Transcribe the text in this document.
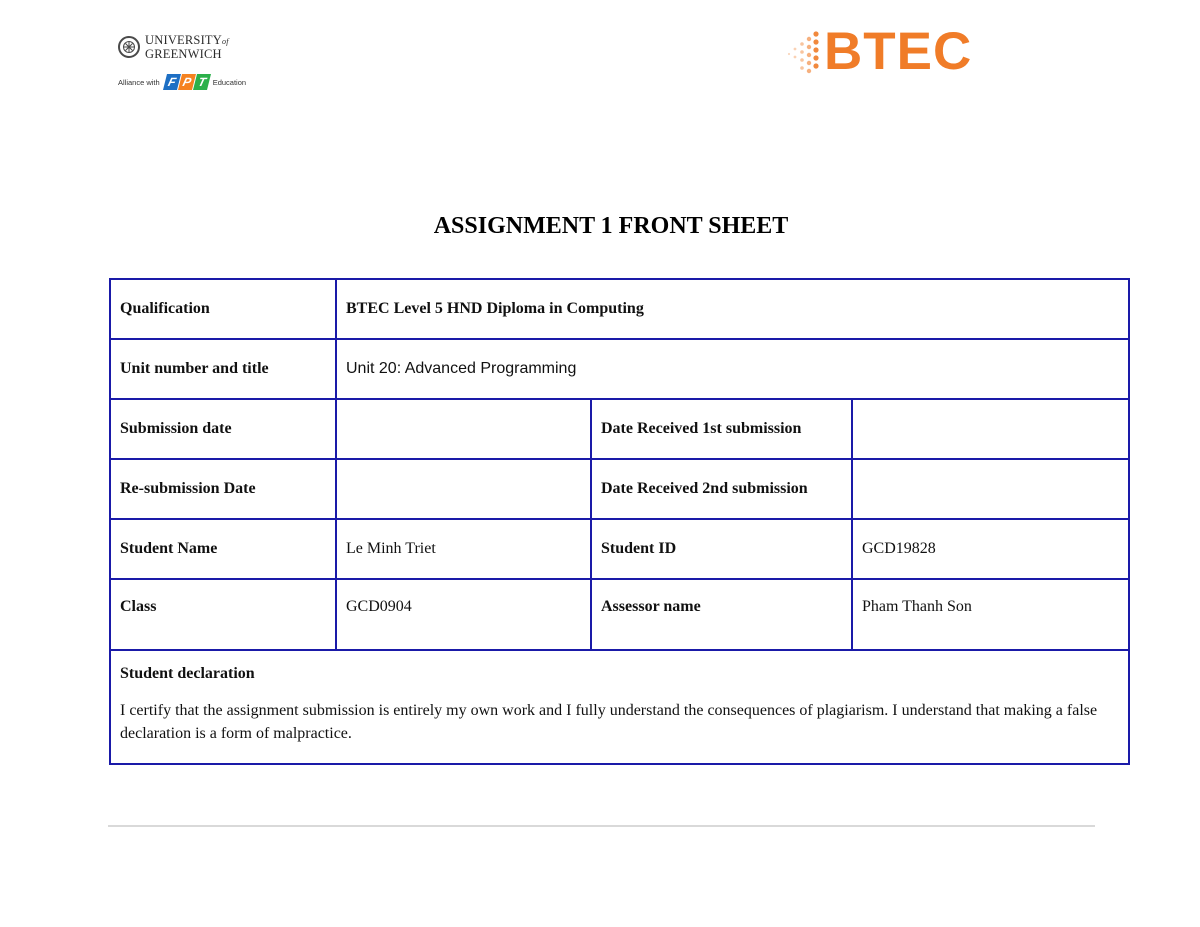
UNIVERSITYof
GREENWICH
Alliance with F P T Education
BTEC
ASSIGNMENT 1 FRONT SHEET
Qualification	BTEC Level 5 HND Diploma in Computing		
Unit number and title	Unit 20: Advanced Programming		
Submission date		Date Received 1st submission	
Re-submission Date		Date Received 2nd submission	
Student Name	Le Minh Triet	Student ID	GCD19828
Class	GCD0904	Assessor name	Pham Thanh Son

Student declaration
I certify that the assignment submission is entirely my own work and I fully understand the consequences of plagiarism. I understand that making a false declaration is a form of malpractice.			
